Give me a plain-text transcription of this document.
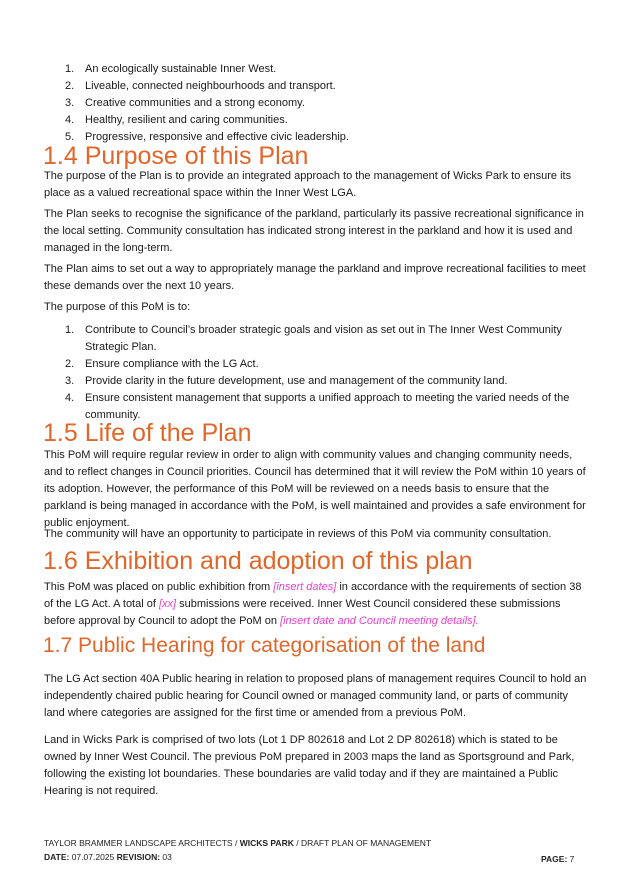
1. An ecologically sustainable Inner West.
2. Liveable, connected neighbourhoods and transport.
3. Creative communities and a strong economy.
4. Healthy, resilient and caring communities.
5. Progressive, responsive and effective civic leadership.
1.4 Purpose of this Plan

The purpose of the Plan is to provide an integrated approach to the management of Wicks Park to ensure its place as a valued recreational space within the Inner West LGA.

The Plan seeks to recognise the significance of the parkland, particularly its passive recreational significance in the local setting. Community consultation has indicated strong interest in the parkland and how it is used and managed in the long-term.

The Plan aims to set out a way to appropriately manage the parkland and improve recreational facilities to meet these demands over the next 10 years.

The purpose of this PoM is to:

1. Contribute to Council’s broader strategic goals and vision as set out in The Inner West Community Strategic Plan.
2. Ensure compliance with the LG Act.
3. Provide clarity in the future development, use and management of the community land.
4. Ensure consistent management that supports a unified approach to meeting the varied needs of the community.
1.5 Life of the Plan

This PoM will require regular review in order to align with community values and changing community needs, and to reflect changes in Council priorities. Council has determined that it will review the PoM within 10 years of its adoption. However, the performance of this PoM will be reviewed on a needs basis to ensure that the parkland is being managed in accordance with the PoM, is well maintained and provides a safe environment for public enjoyment.

The community will have an opportunity to participate in reviews of this PoM via community consultation.

1.6 Exhibition and adoption of this plan

This PoM was placed on public exhibition from [insert dates] in accordance with the requirements of section 38 of the LG Act. A total of [xx] submissions were received. Inner West Council considered these submissions before approval by Council to adopt the PoM on [insert date and Council meeting details].

1.7 Public Hearing for categorisation of the land

The LG Act section 40A Public hearing in relation to proposed plans of management requires Council to hold an independently chaired public hearing for Council owned or managed community land, or parts of community land where categories are assigned for the first time or amended from a previous PoM.

Land in Wicks Park is comprised of two lots (Lot 1 DP 802618 and Lot 2 DP 802618) which is stated to be owned by Inner West Council. The previous PoM prepared in 2003 maps the land as Sportsground and Park, following the existing lot boundaries. These boundaries are valid today and if they are maintained a Public Hearing is not required.

TAYLOR BRAMMER LANDSCAPE ARCHITECTS / WICKS PARK / DRAFT PLAN OF MANAGEMENT
DATE: 07.07.2025 REVISION: 03	PAGE: 7
